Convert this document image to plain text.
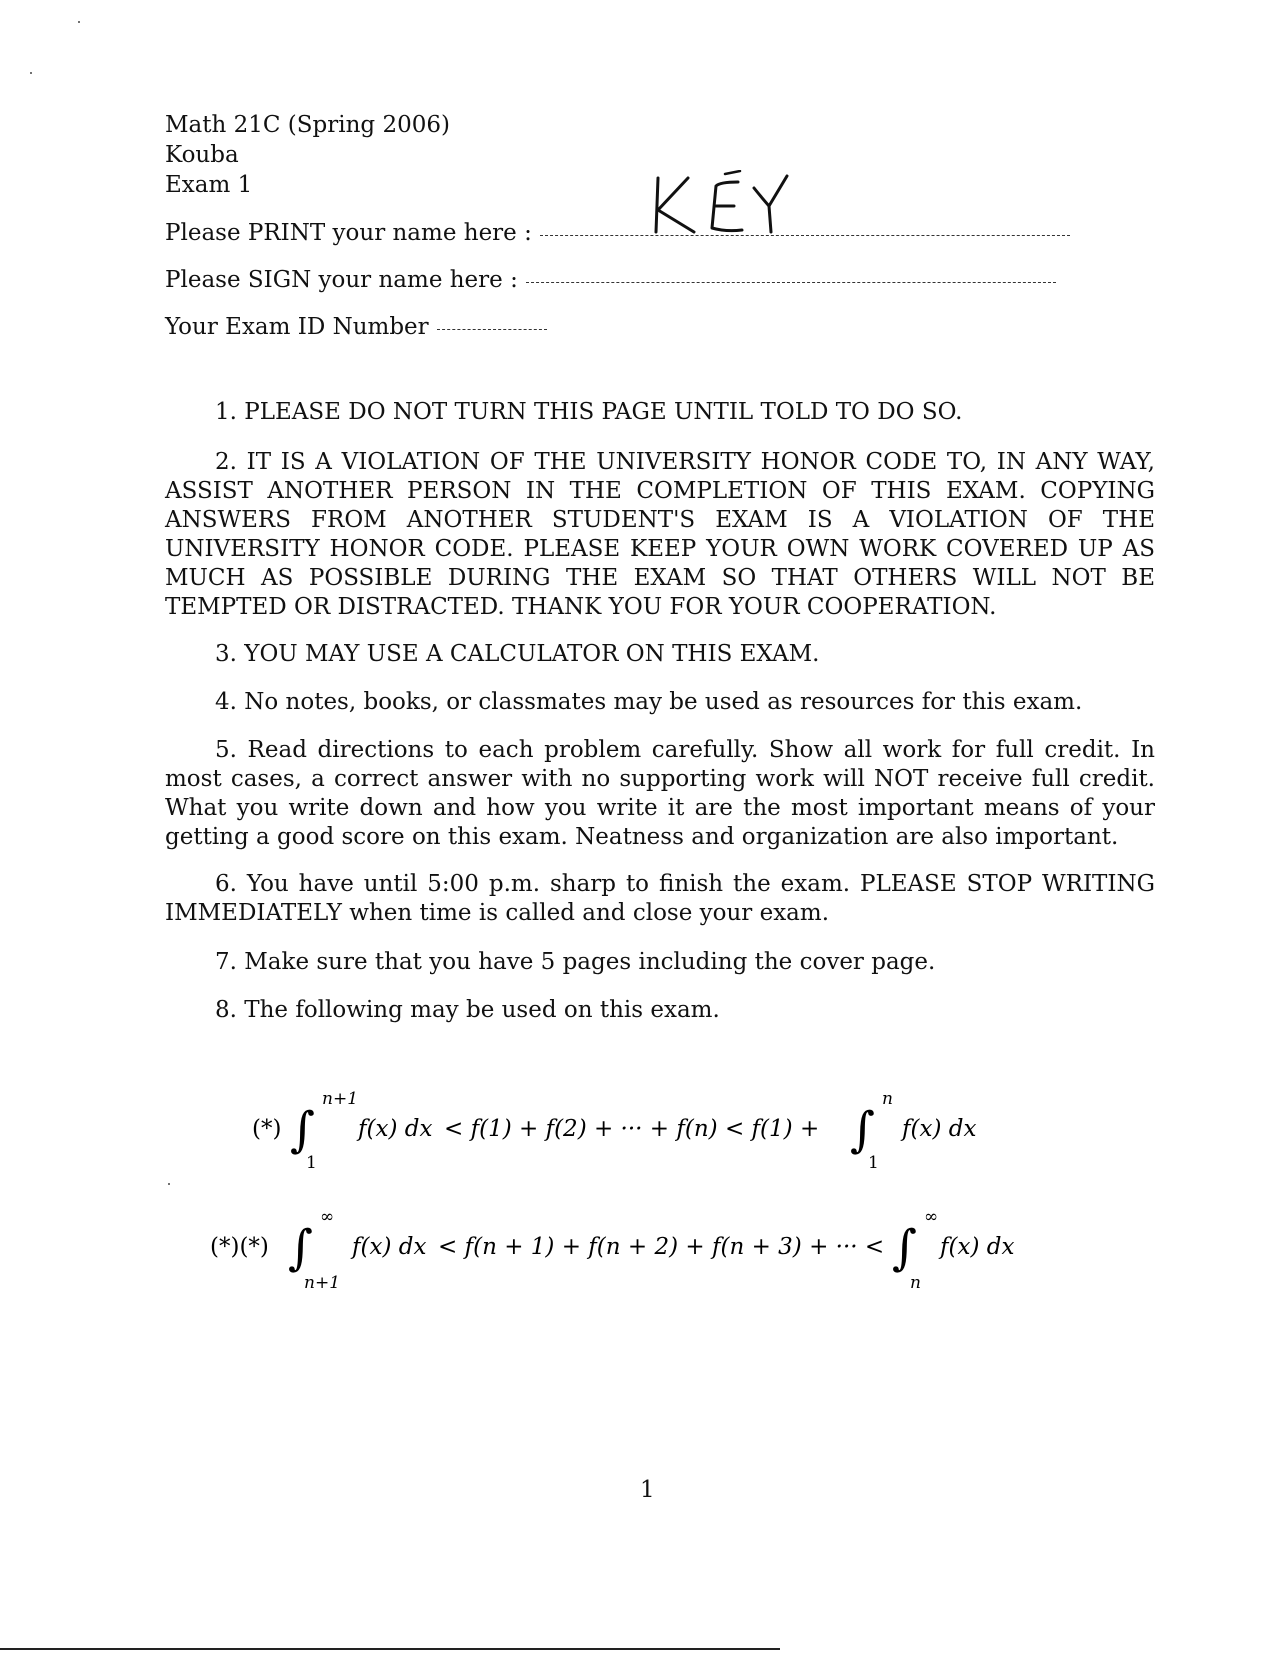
Math 21C (Spring 2006)
Kouba
Exam 1
Please PRINT your name here :
Please SIGN your name here :
Your Exam ID Number
1. PLEASE DO NOT TURN THIS PAGE UNTIL TOLD TO DO SO.
2. IT IS A VIOLATION OF THE UNIVERSITY HONOR CODE TO, IN ANY WAY, ASSIST ANOTHER PERSON IN THE COMPLETION OF THIS EXAM. COPYING ANSWERS FROM ANOTHER STUDENT'S EXAM IS A VIOLATION OF THE UNIVERSITY HONOR CODE. PLEASE KEEP YOUR OWN WORK COVERED UP AS MUCH AS POSSIBLE DURING THE EXAM SO THAT OTHERS WILL NOT BE TEMPTED OR DISTRACTED. THANK YOU FOR YOUR COOPERATION.
3. YOU MAY USE A CALCULATOR ON THIS EXAM.
4. No notes, books, or classmates may be used as resources for this exam.
5. Read directions to each problem carefully. Show all work for full credit. In most cases, a correct answer with no supporting work will NOT receive full credit. What you write down and how you write it are the most important means of your getting a good score on this exam. Neatness and organization are also important.
6. You have until 5:00 p.m. sharp to finish the exam. PLEASE STOP WRITING IMMEDIATELY when time is called and close your exam.
7. Make sure that you have 5 pages including the cover page.
8. The following may be used on this exam.
(*) ∫
n+1
1
f(x) dx < f(1) + f(2) + ··· + f(n) < f(1) + ∫
n
1
f(x) dx
(*)(*) ∫
∞
n+1
f(x) dx < f(n + 1) + f(n + 2) + f(n + 3) + ··· < ∫
∞
n
f(x) dx
1
